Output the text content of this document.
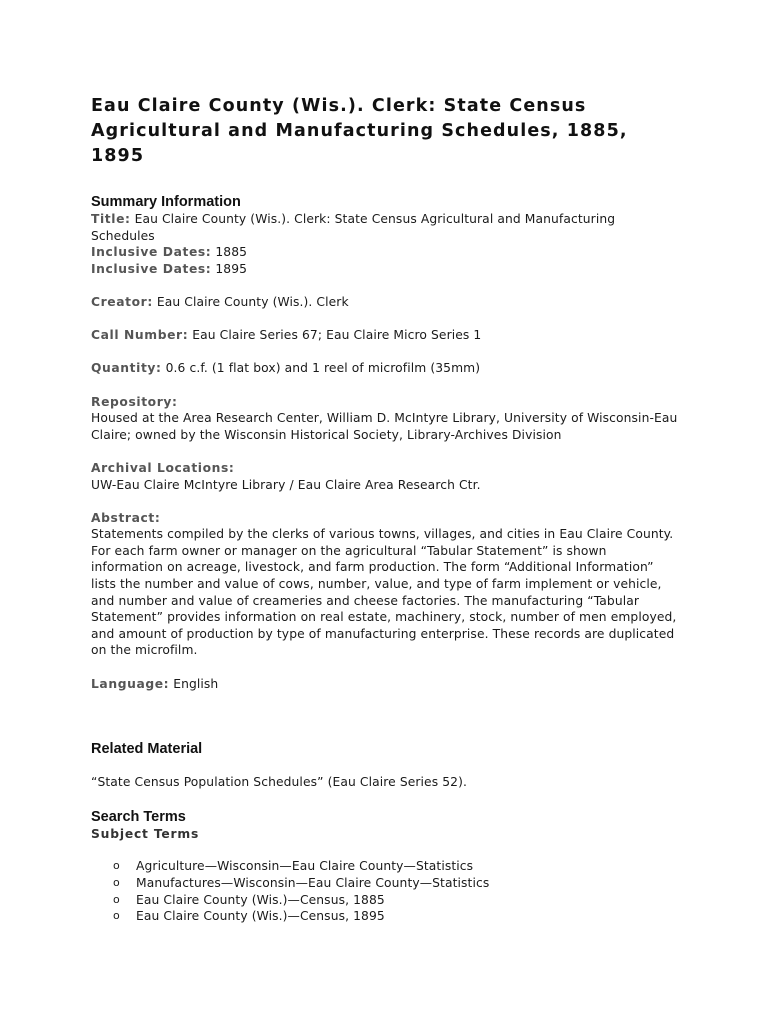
Eau Claire County (Wis.). Clerk: State Census
Agricultural and Manufacturing Schedules, 1885, 1895
Summary Information

Title: Eau Claire County (Wis.). Clerk: State Census Agricultural and Manufacturing Schedules

Inclusive Dates: 1885

Inclusive Dates: 1895

Creator: Eau Claire County (Wis.). Clerk

Call Number: Eau Claire Series 67; Eau Claire Micro Series 1

Quantity: 0.6 c.f. (1 flat box) and 1 reel of microfilm (35mm)

Repository:

Housed at the Area Research Center, William D. McIntyre Library, University of Wisconsin-Eau Claire; owned by the Wisconsin Historical Society, Library-Archives Division

Archival Locations:

UW-Eau Claire McIntyre Library / Eau Claire Area Research Ctr.

Abstract:

Statements compiled by the clerks of various towns, villages, and cities in Eau Claire County. For each farm owner or manager on the agricultural “Tabular Statement” is shown information on acreage, livestock, and farm production. The form “Additional Information” lists the number and value of cows, number, value, and type of farm implement or vehicle, and number and value of creameries and cheese factories. The manufacturing “Tabular Statement” provides information on real estate, machinery, stock, number of men employed, and amount of production by type of manufacturing enterprise. These records are duplicated on the microfilm.

Language: English

Related Material

“State Census Population Schedules” (Eau Claire Series 52).

Search Terms

Subject Terms

o Agriculture—Wisconsin—Eau Claire County—Statistics
o Manufactures—Wisconsin—Eau Claire County—Statistics
o Eau Claire County (Wis.)—Census, 1885
o Eau Claire County (Wis.)—Census, 1895
